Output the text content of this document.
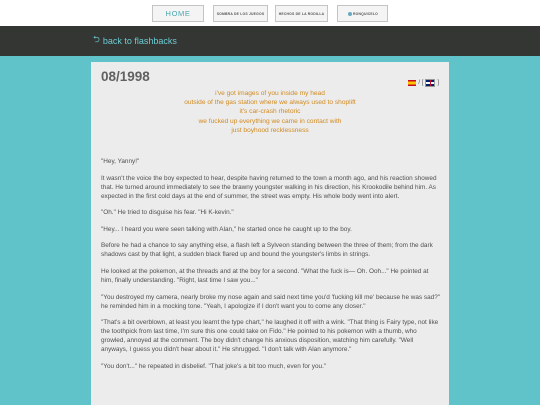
HOME	SOMBRA DE LOS JUEGOS	HECHOS DE LA RODILLA	RONQUICELO
⮌ back to flashbacks
08/1998	/ [ ]
i've got images of you inside my head
outside of the gas station where we always used to shoplift
it's car-crash rhetoric
we fucked up everything we came in contact with
just boyhood recklessness

"Hey, Yanny!"

It wasn't the voice the boy expected to hear, despite having returned to the town a month ago, and his reaction showed that. He turned around immediately to see the brawny youngster walking in his direction, his Krookodile behind him. As expected in the first cold days at the end of summer, the street was empty. His whole body went into alert.

"Oh." He tried to disguise his fear. "Hi K-kevin."

"Hey... I heard you were seen talking with Alan," he started once he caught up to the boy.

Before he had a chance to say anything else, a flash left a Sylveon standing between the three of them; from the dark shadows cast by that light, a sudden black flared up and bound the youngster's limbs in strings.

He looked at the pokemon, at the threads and at the boy for a second. "What the fuck is— Oh. Ooh..." He pointed at him, finally understanding. "Right, last time I saw you..."

"You destroyed my camera, nearly broke my nose again and said next time you'd 'fucking kill me' because he was sad?" he reminded him in a mocking tone. "Yeah, I apologize if I don't want you to come any closer."

"That's a bit overblown, at least you learnt the type chart," he laughed it off with a wink. "That thing is Fairy type, not like the toothpick from last time, I'm sure this one could take on Fido." He pointed to his pokemon with a thumb, who growled, annoyed at the comment. The boy didn't change his anxious disposition, watching him carefully. "Well anyways, I guess you didn't hear about it." He shrugged. "I don't talk with Alan anymore."

"You don't..." he repeated in disbelief. "That joke's a bit too much, even for you."
